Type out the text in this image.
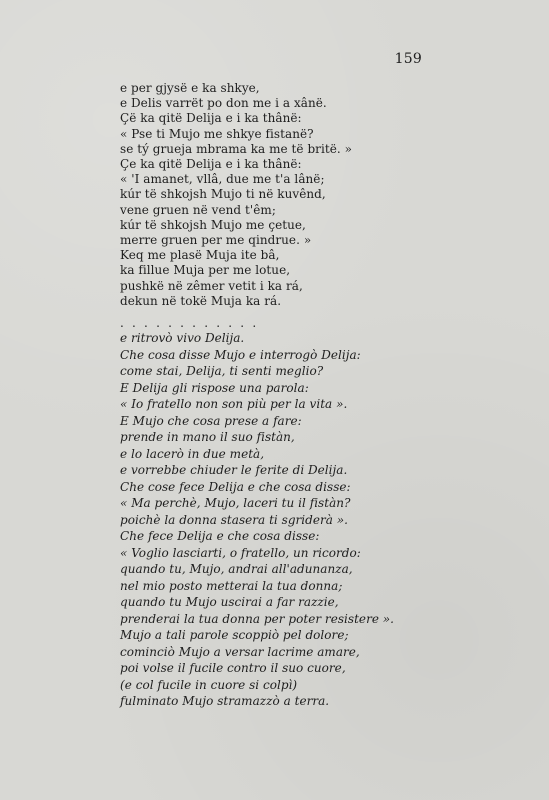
159
e per gjysë e ka shkye,
e Delis varrët po don me i a xânë.
Çë ka qitë Delija e i ka thânë:
« Pse ti Mujo me shkye fistanë?
se tý grueja mbrama ka me të britë. »
Çe ka qitë Delija e i ka thânë:
« 'I amanet, vllâ, due me t'a lânë;
kúr të shkojsh Mujo ti në kuvênd,
vene gruen në vend t'êm;
kúr të shkojsh Mujo me çetue,
merre gruen per me qindrue. »
Keq me plasë Muja ite bâ,
ka fillue Muja per me lotue,
pushkë në zêmer vetit i ka rá,
dekun në tokë Muja ka rá.
. . . . . . . . . . . .
e ritrovò vivo Delija.
Che cosa disse Mujo e interrogò Delija:
come stai, Delija, ti senti meglio?
E Delija gli rispose una parola:
« Io fratello non son più per la vita ».
E Mujo che cosa prese a fare:
prende in mano il suo fistàn,
e lo lacerò in due metà,
e vorrebbe chiuder le ferite di Delija.
Che cose fece Delija e che cosa disse:
« Ma perchè, Mujo, laceri tu il fistàn?
poichè la donna stasera ti sgriderà ».
Che fece Delija e che cosa disse:
« Voglio lasciarti, o fratello, un ricordo:
quando tu, Mujo, andrai all'adunanza,
nel mio posto metterai la tua donna;
quando tu Mujo uscirai a far razzie,
prenderai la tua donna per poter resistere ».
Mujo a tali parole scoppiò pel dolore;
cominciò Mujo a versar lacrime amare,
poi volse il fucile contro il suo cuore,
(e col fucile in cuore si colpì)
fulminato Mujo stramazzò a terra.
